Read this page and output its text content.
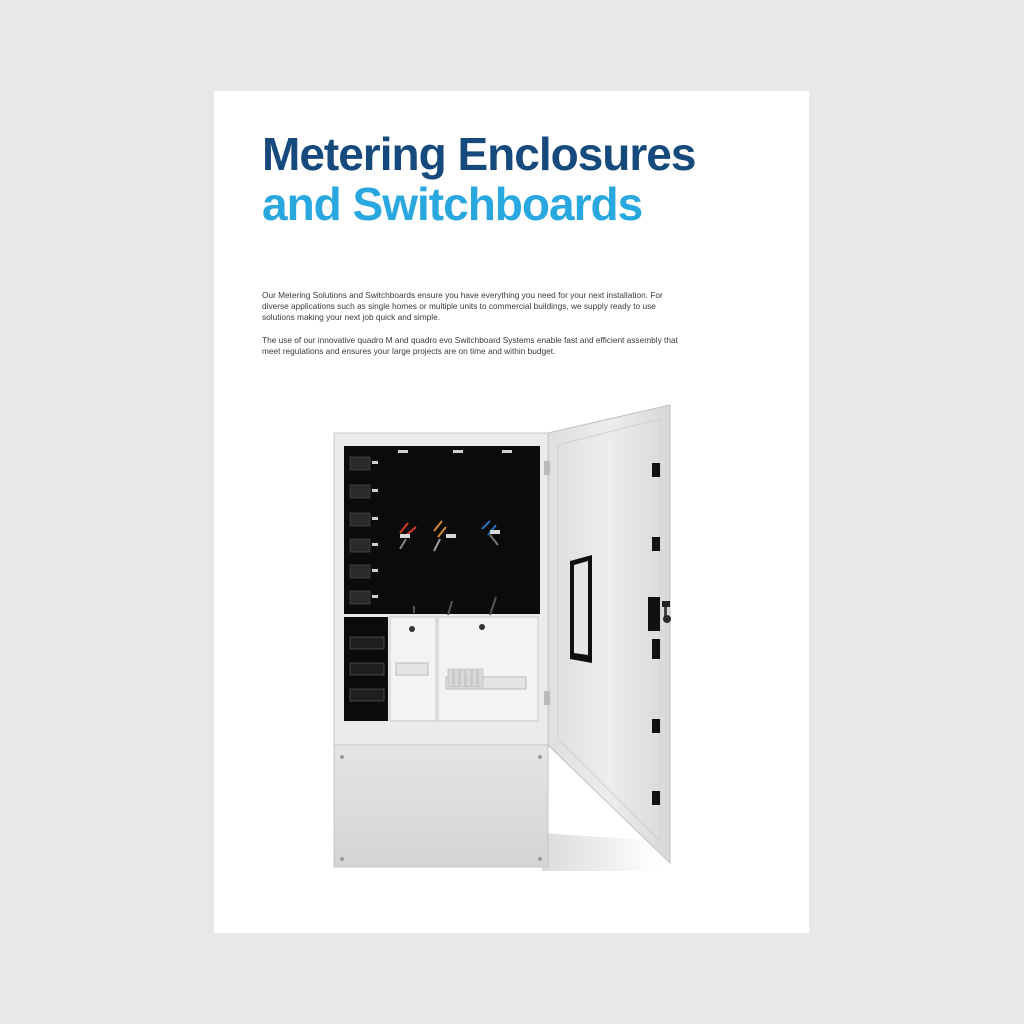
Metering Enclosures
and Switchboards

Our Metering Solutions and Switchboards ensure you have everything you need for your next installation. For diverse applications such as single homes or multiple units to commercial buildings, we supply ready to use solutions making your next job quick and simple.

The use of our innovative quadro M and quadro evo Switchboard Systems enable fast and efficient assembly that meet regulations and ensures your large projects are on time and within budget.
